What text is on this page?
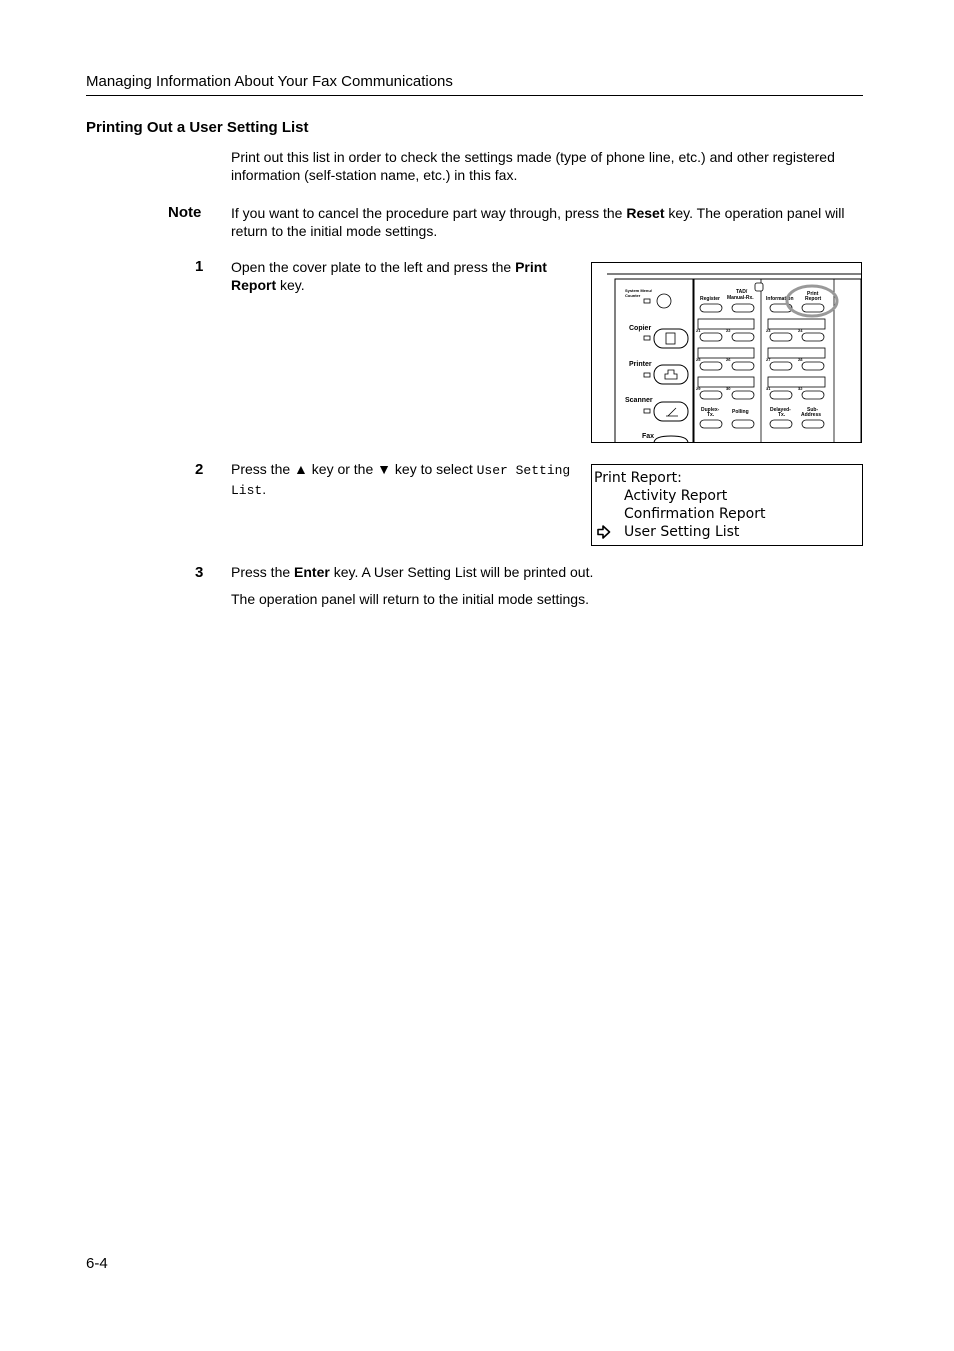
Managing Information About Your Fax Communications
Printing Out a User Setting List
Print out this list in order to check the settings made (type of phone line, etc.) and other registered information (self-station name, etc.) in this fax.
Note If you want to cancel the procedure part way through, press the Reset key. The operation panel will return to the initial mode settings.
1 Open the cover plate to the left and press the Print Report key.	System Menu/
Counter
Copier
Printer
Scanner
Fax
Register
TAD/
Manual-Rx. Information
Print
Report
21	22	23	24
25	26	27	28
29	30	31	32
Duplex-
Tx.	Polling	Delayed-
Tx.
Sub-
Address
2 Press the ▲ key or the ▼ key to select User Setting List.
Print Report:
Activity Report
Confirmation Report
User Setting List
3 Press the Enter key. A User Setting List will be printed out.
The operation panel will return to the initial mode settings.
6-4
